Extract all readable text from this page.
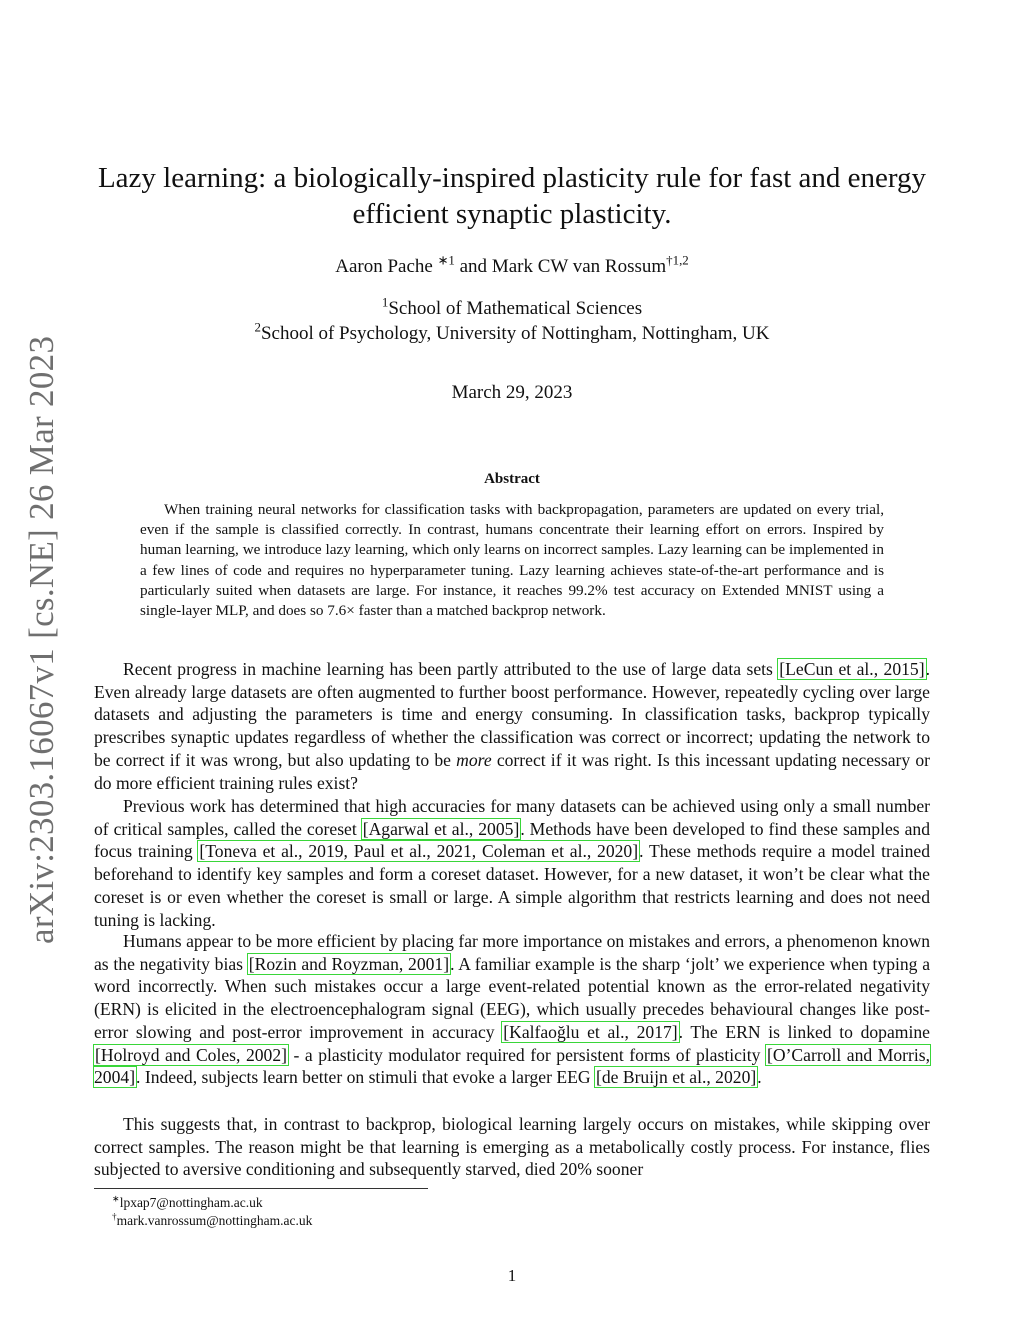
arXiv:2303.16067v1 [cs.NE] 26 Mar 2023
Lazy learning: a biologically-inspired plasticity rule for fast and energy efficient synaptic plasticity.
Aaron Pache $^{∗1}$ and Mark CW van Rossum$^{\dagger 1,2}$
$^1$School of Mathematical Sciences
$^2$School of Psychology, University of Nottingham, Nottingham, UK
March 29, 2023
Abstract

When training neural networks for classification tasks with backpropagation, parameters are updated on every trial, even if the sample is classified correctly. In contrast, humans concentrate their learning effort on errors. Inspired by human learning, we introduce lazy learning, which only learns on incorrect samples. Lazy learning can be implemented in a few lines of code and requires no hyperparameter tuning. Lazy learning achieves state-of-the-art performance and is particularly suited when datasets are large. For instance, it reaches 99.2% test accuracy on Extended MNIST using a single-layer MLP, and does so 7.6× faster than a matched backprop network.

Recent progress in machine learning has been partly attributed to the use of large data sets [LeCun et al., 2015]. Even already large datasets are often augmented to further boost performance. However, repeatedly cycling over large datasets and adjusting the parameters is time and energy consuming. In classification tasks, backprop typically prescribes synaptic updates regardless of whether the classification was correct or incorrect; updating the network to be correct if it was wrong, but also updating to be more correct if it was right. Is this incessant updating necessary or do more efficient training rules exist?

Previous work has determined that high accuracies for many datasets can be achieved using only a small number of critical samples, called the coreset [Agarwal et al., 2005]. Methods have been developed to find these samples and focus training [Toneva et al., 2019, Paul et al., 2021, Coleman et al., 2020]. These methods require a model trained beforehand to identify key samples and form a coreset dataset. However, for a new dataset, it won’t be clear what the coreset is or even whether the coreset is small or large. A simple algorithm that restricts learning and does not need tuning is lacking.

Humans appear to be more efficient by placing far more importance on mistakes and errors, a phenomenon known as the negativity bias [Rozin and Royzman, 2001]. A familiar example is the sharp ‘jolt’ we experience when typing a word incorrectly. When such mistakes occur a large event-related potential known as the error-related negativity (ERN) is elicited in the electroencephalogram signal (EEG), which usually precedes behavioural changes like post-error slowing and post-error improvement in accuracy [Kalfaoğlu et al., 2017]. The ERN is linked to dopamine [Holroyd and Coles, 2002] - a plasticity modulator required for persistent forms of plasticity [O’Carroll and Morris, 2004]. Indeed, subjects learn better on stimuli that evoke a larger EEG [de Bruijn et al., 2020].

This suggests that, in contrast to backprop, biological learning largely occurs on mistakes, while skipping over correct samples. The reason might be that learning is emerging as a metabolically costly process. For instance, flies subjected to aversive conditioning and subsequently starved, died 20% sooner

∗lpxap7@nottingham.ac.uk
†mark.vanrossum@nottingham.ac.uk
1
